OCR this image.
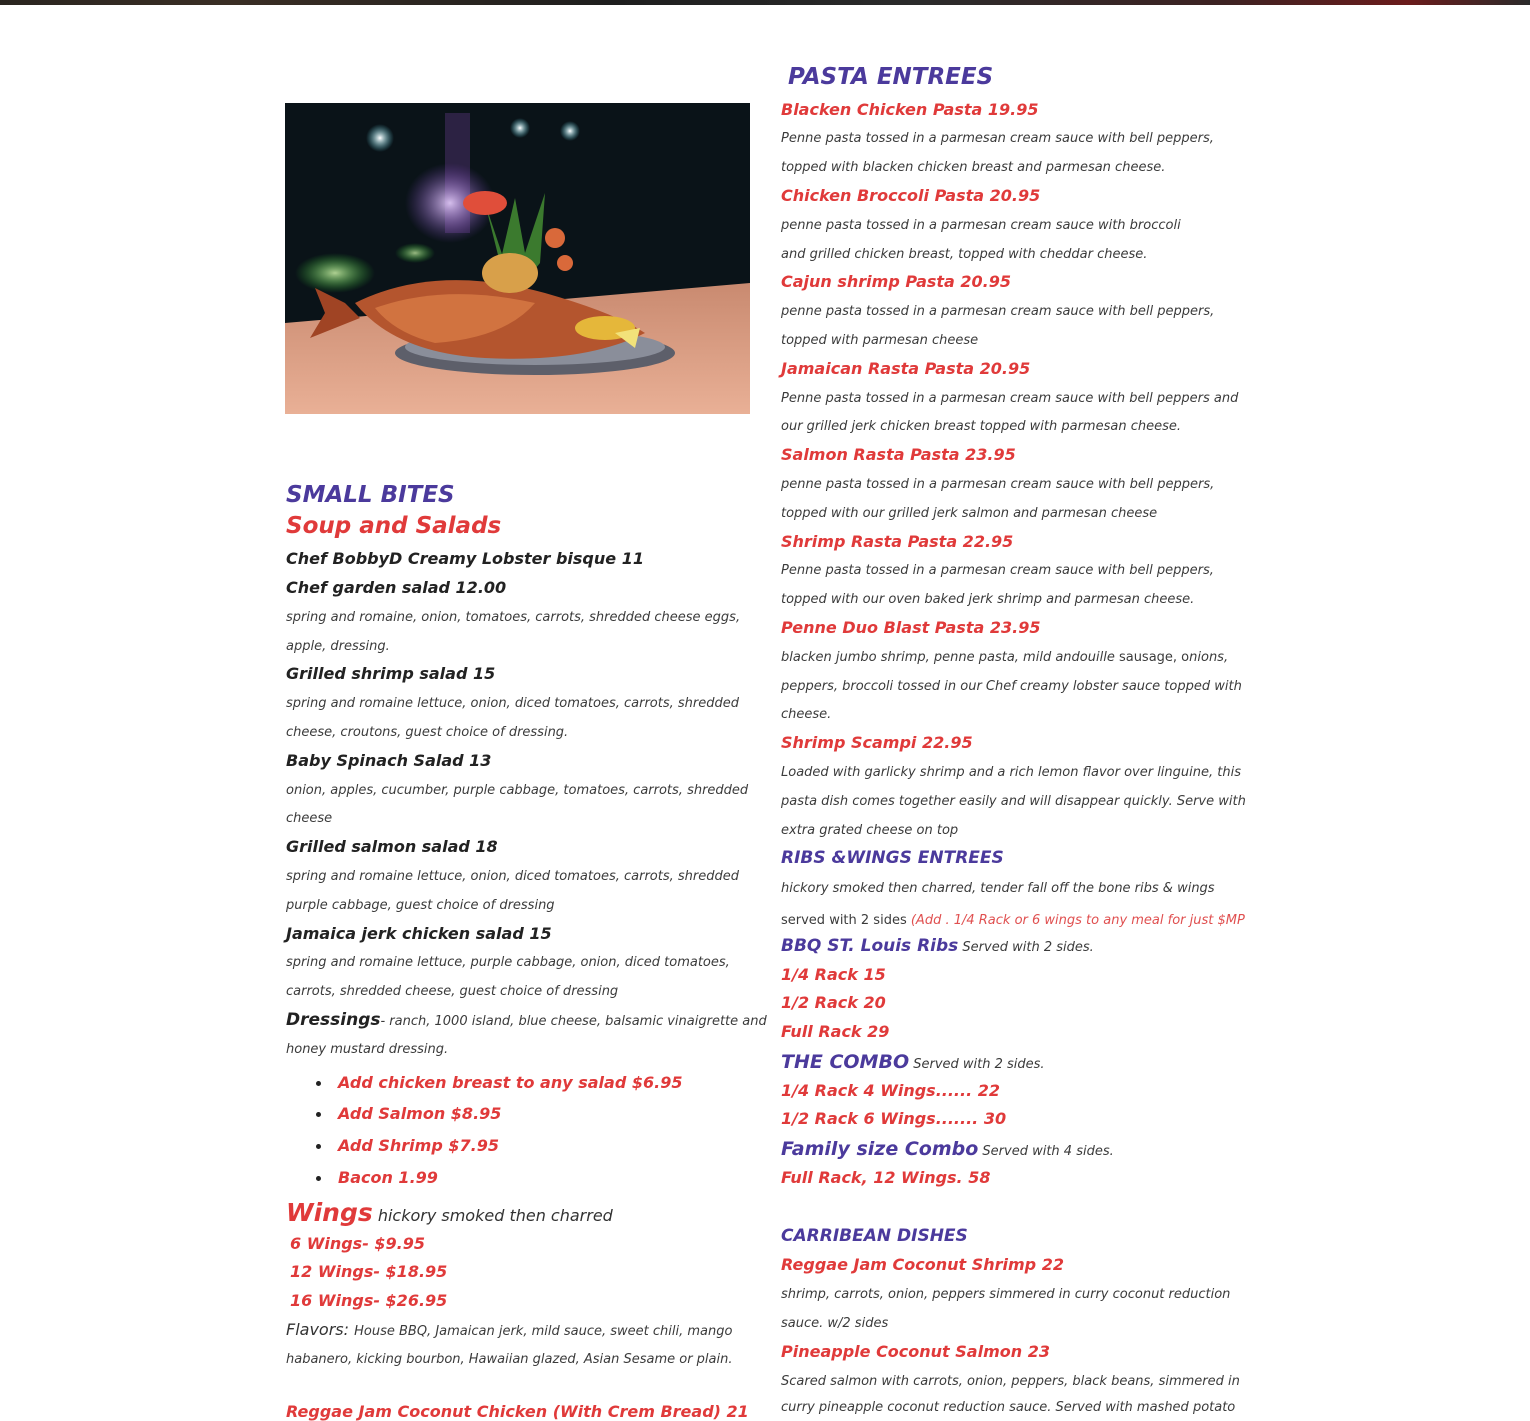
SMALL BITES
Soup and Salads
Chef BobbyD Creamy Lobster bisque 11
Chef garden salad 12.00
spring and romaine, onion, tomatoes, carrots, shredded cheese eggs,
apple, dressing.
Grilled shrimp salad 15
spring and romaine lettuce, onion, diced tomatoes, carrots, shredded
cheese, croutons, guest choice of dressing.
Baby Spinach Salad 13
onion, apples, cucumber, purple cabbage, tomatoes, carrots, shredded
cheese
Grilled salmon salad 18
spring and romaine lettuce, onion, diced tomatoes, carrots, shredded
purple cabbage, guest choice of dressing
Jamaica jerk chicken salad 15
spring and romaine lettuce, purple cabbage, onion, diced tomatoes,
carrots, shredded cheese, guest choice of dressing
Dressings- ranch, 1000 island, blue cheese, balsamic vinaigrette and
honey mustard dressing.
Add chicken breast to any salad $6.95
Add Salmon $8.95
Add Shrimp $7.95
Bacon 1.99
Wings hickory smoked then charred
6 Wings- $9.95
12 Wings- $18.95
16 Wings- $26.95
Flavors: House BBQ, Jamaican jerk, mild sauce, sweet chili, mango
habanero, kicking bourbon, Hawaiian glazed, Asian Sesame or plain.
Reggae Jam Coconut Chicken (With Crem Bread) 21
PASTA ENTREES
Blacken Chicken Pasta 19.95
Penne pasta tossed in a parmesan cream sauce with bell peppers,
topped with blacken chicken breast and parmesan cheese.
Chicken Broccoli Pasta 20.95
penne pasta tossed in a parmesan cream sauce with broccoli
and grilled chicken breast, topped with cheddar cheese.
Cajun shrimp Pasta 20.95
penne pasta tossed in a parmesan cream sauce with bell peppers,
topped with parmesan cheese
Jamaican Rasta Pasta 20.95
Penne pasta tossed in a parmesan cream sauce with bell peppers and
our grilled jerk chicken breast topped with parmesan cheese.
Salmon Rasta Pasta 23.95
penne pasta tossed in a parmesan cream sauce with bell peppers,
topped with our grilled jerk salmon and parmesan cheese
Shrimp Rasta Pasta 22.95
Penne pasta tossed in a parmesan cream sauce with bell peppers,
topped with our oven baked jerk shrimp and parmesan cheese.
Penne Duo Blast Pasta 23.95
blacken jumbo shrimp, penne pasta, mild andouille sausage, onions,
peppers, broccoli tossed in our Chef creamy lobster sauce topped with
cheese.
Shrimp Scampi 22.95
Loaded with garlicky shrimp and a rich lemon flavor over linguine, this
pasta dish comes together easily and will disappear quickly. Serve with
extra grated cheese on top
RIBS &WINGS ENTREES
hickory smoked then charred, tender fall off the bone ribs & wings
served with 2 sides (Add . 1/4 Rack or 6 wings to any meal for just $MP
BBQ ST. Louis Ribs Served with 2 sides.
1/4 Rack 15
1/2 Rack 20
Full Rack 29
THE COMBO Served with 2 sides.
1/4 Rack 4 Wings...... 22
1/2 Rack 6 Wings....... 30
Family size Combo Served with 4 sides.
Full Rack, 12 Wings. 58
CARRIBEAN DISHES
Reggae Jam Coconut Shrimp 22
shrimp, carrots, onion, peppers simmered in curry coconut reduction
sauce. w/2 sides
Pineapple Coconut Salmon 23
Scared salmon with carrots, onion, peppers, black beans, simmered in
curry pineapple coconut reduction sauce. Served with mashed potato
